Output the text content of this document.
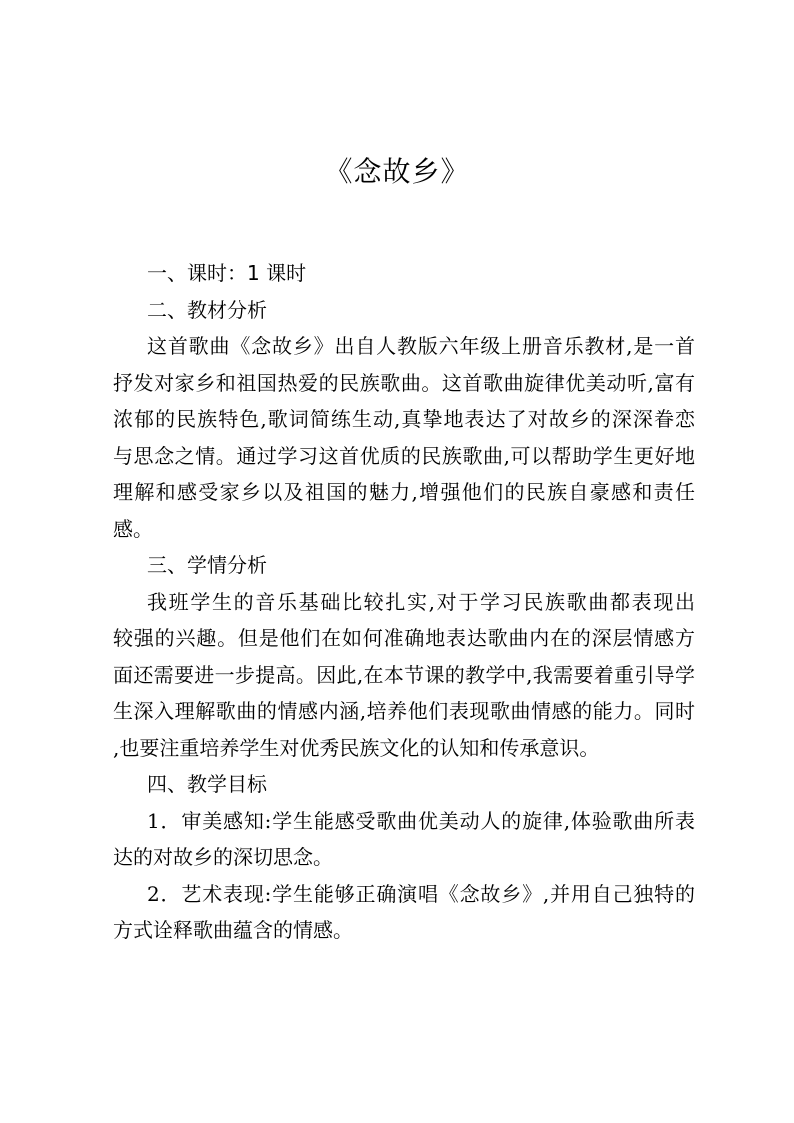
《念故乡》
一、课时：1 课时
二、教材分析
这首歌曲《念故乡》出自人教版六年级上册音乐教材,是一首
抒发对家乡和祖国热爱的民族歌曲。这首歌曲旋律优美动听,富有
浓郁的民族特色,歌词简练生动,真挚地表达了对故乡的深深眷恋
与思念之情。通过学习这首优质的民族歌曲,可以帮助学生更好地
理解和感受家乡以及祖国的魅力,增强他们的民族自豪感和责任
感。
三、学情分析
我班学生的音乐基础比较扎实,对于学习民族歌曲都表现出
较强的兴趣。但是他们在如何准确地表达歌曲内在的深层情感方
面还需要进一步提高。因此,在本节课的教学中,我需要着重引导学
生深入理解歌曲的情感内涵,培养他们表现歌曲情感的能力。同时
,也要注重培养学生对优秀民族文化的认知和传承意识。
四、教学目标
1．审美感知:学生能感受歌曲优美动人的旋律,体验歌曲所表
达的对故乡的深切思念。
2．艺术表现:学生能够正确演唱《念故乡》,并用自己独特的
方式诠释歌曲蕴含的情感。
